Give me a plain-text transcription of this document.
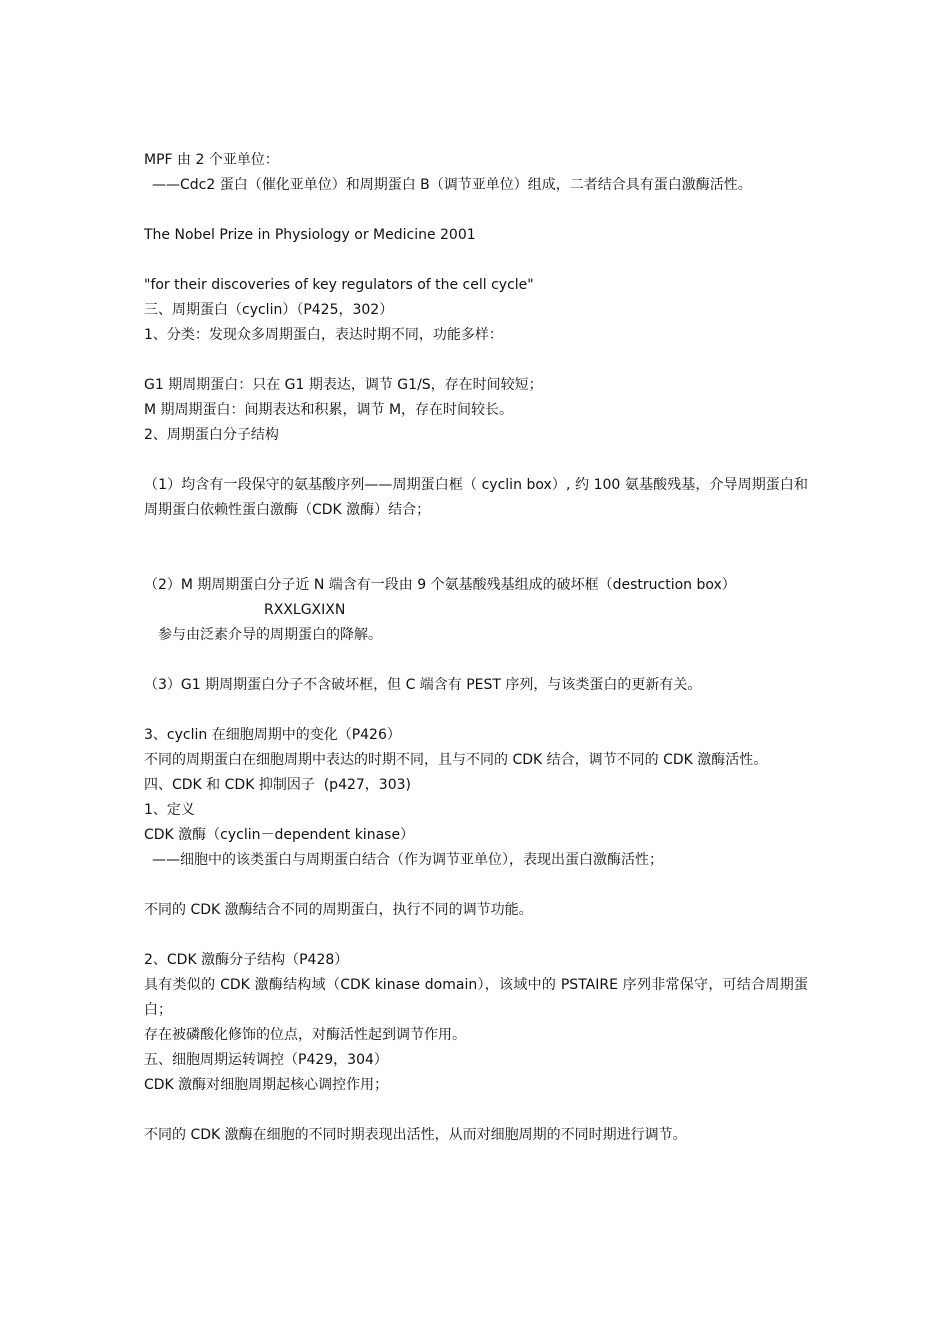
MPF 由 2 个亚单位：
——Cdc2 蛋白（催化亚单位）和周期蛋白 B（调节亚单位）组成，二者结合具有蛋白激酶活性。
The Nobel Prize in Physiology or Medicine 2001
"for their discoveries of key regulators of the cell cycle"
三、周期蛋白（cyclin）（P425，302）
1、分类：发现众多周期蛋白，表达时期不同，功能多样：
G1 期周期蛋白：只在 G1 期表达，调节 G1/S，存在时间较短；
M 期周期蛋白：间期表达和积累，调节 M，存在时间较长。
2、周期蛋白分子结构
（1）均含有一段保守的氨基酸序列——周期蛋白框（ cyclin box）, 约 100 氨基酸残基，介导周期蛋白和周期蛋白依赖性蛋白激酶（CDK 激酶）结合；
（2）M 期周期蛋白分子近 N 端含有一段由 9 个氨基酸残基组成的破坏框（destruction box）
RXXLGXIXN
参与由泛素介导的周期蛋白的降解。
（3）G1 期周期蛋白分子不含破坏框，但 C 端含有 PEST 序列，与该类蛋白的更新有关。
3、cyclin 在细胞周期中的变化（P426）
不同的周期蛋白在细胞周期中表达的时期不同，且与不同的 CDK 结合，调节不同的 CDK 激酶活性。
四、CDK 和 CDK 抑制因子  (p427，303)
1、定义
CDK 激酶（cyclin－dependent kinase）
——细胞中的该类蛋白与周期蛋白结合（作为调节亚单位），表现出蛋白激酶活性；
不同的 CDK 激酶结合不同的周期蛋白，执行不同的调节功能。
2、CDK 激酶分子结构（P428）
具有类似的 CDK 激酶结构域（CDK kinase domain），该域中的 PSTAIRE 序列非常保守，可结合周期蛋白；
存在被磷酸化修饰的位点，对酶活性起到调节作用。
五、细胞周期运转调控（P429，304）
CDK 激酶对细胞周期起核心调控作用；
不同的 CDK 激酶在细胞的不同时期表现出活性，从而对细胞周期的不同时期进行调节。
